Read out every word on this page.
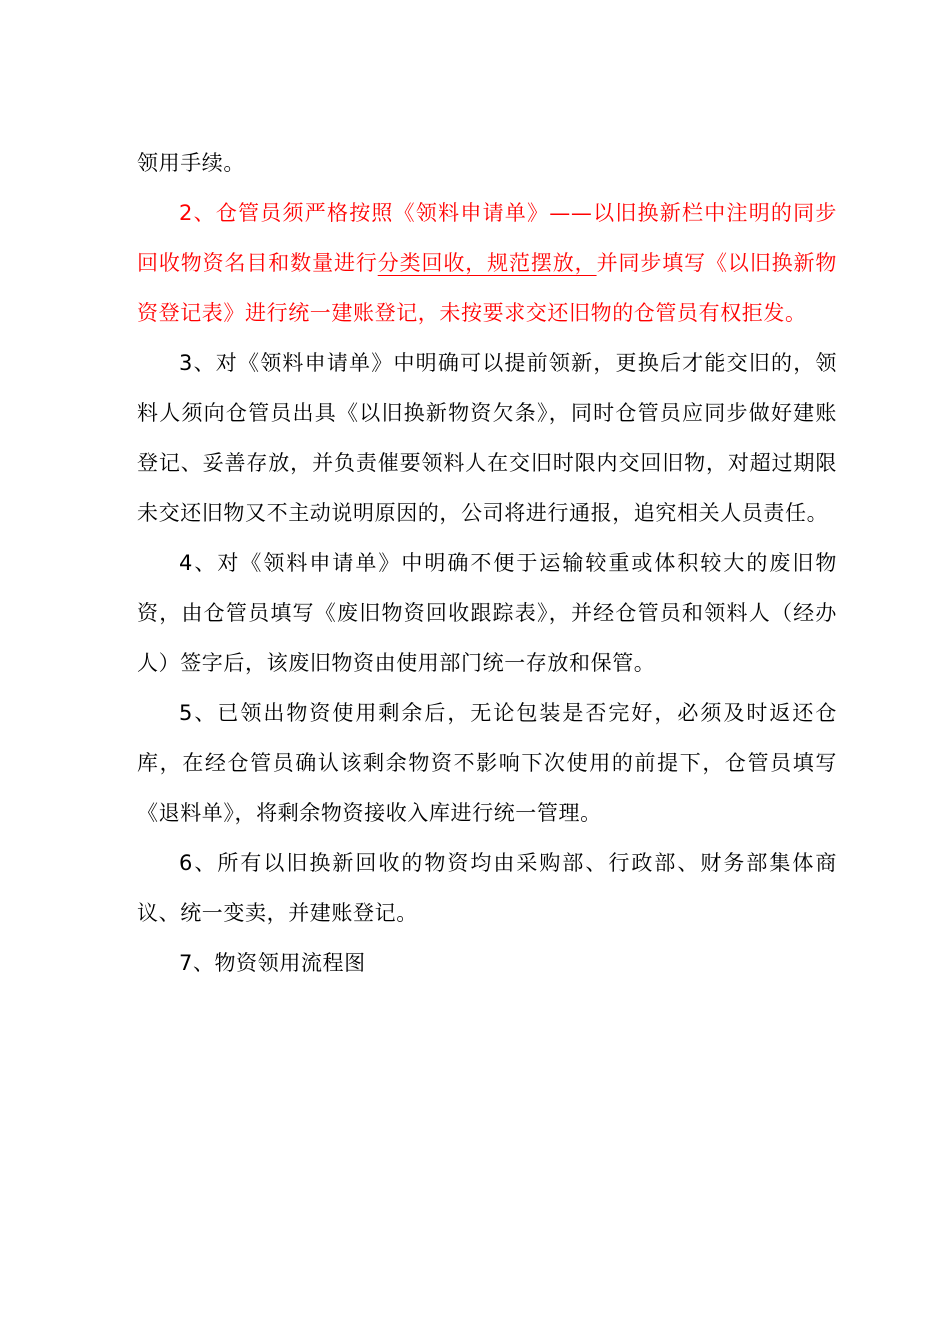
领用手续。

2、仓管员须严格按照《领料申请单》——以旧换新栏中注明的同步回收物资名目和数量进行分类回收，规范摆放，并同步填写《以旧换新物资登记表》进行统一建账登记，未按要求交还旧物的仓管员有权拒发。

3、对《领料申请单》中明确可以提前领新，更换后才能交旧的，领料人须向仓管员出具《以旧换新物资欠条》，同时仓管员应同步做好建账登记、妥善存放，并负责催要领料人在交旧时限内交回旧物，对超过期限未交还旧物又不主动说明原因的，公司将进行通报，追究相关人员责任。

4、对《领料申请单》中明确不便于运输较重或体积较大的废旧物资，由仓管员填写《废旧物资回收跟踪表》，并经仓管员和领料人（经办人）签字后，该废旧物资由使用部门统一存放和保管。

5、已领出物资使用剩余后，无论包装是否完好，必须及时返还仓库，在经仓管员确认该剩余物资不影响下次使用的前提下，仓管员填写《退料单》，将剩余物资接收入库进行统一管理。

6、所有以旧换新回收的物资均由采购部、行政部、财务部集体商议、统一变卖，并建账登记。

7、物资领用流程图
